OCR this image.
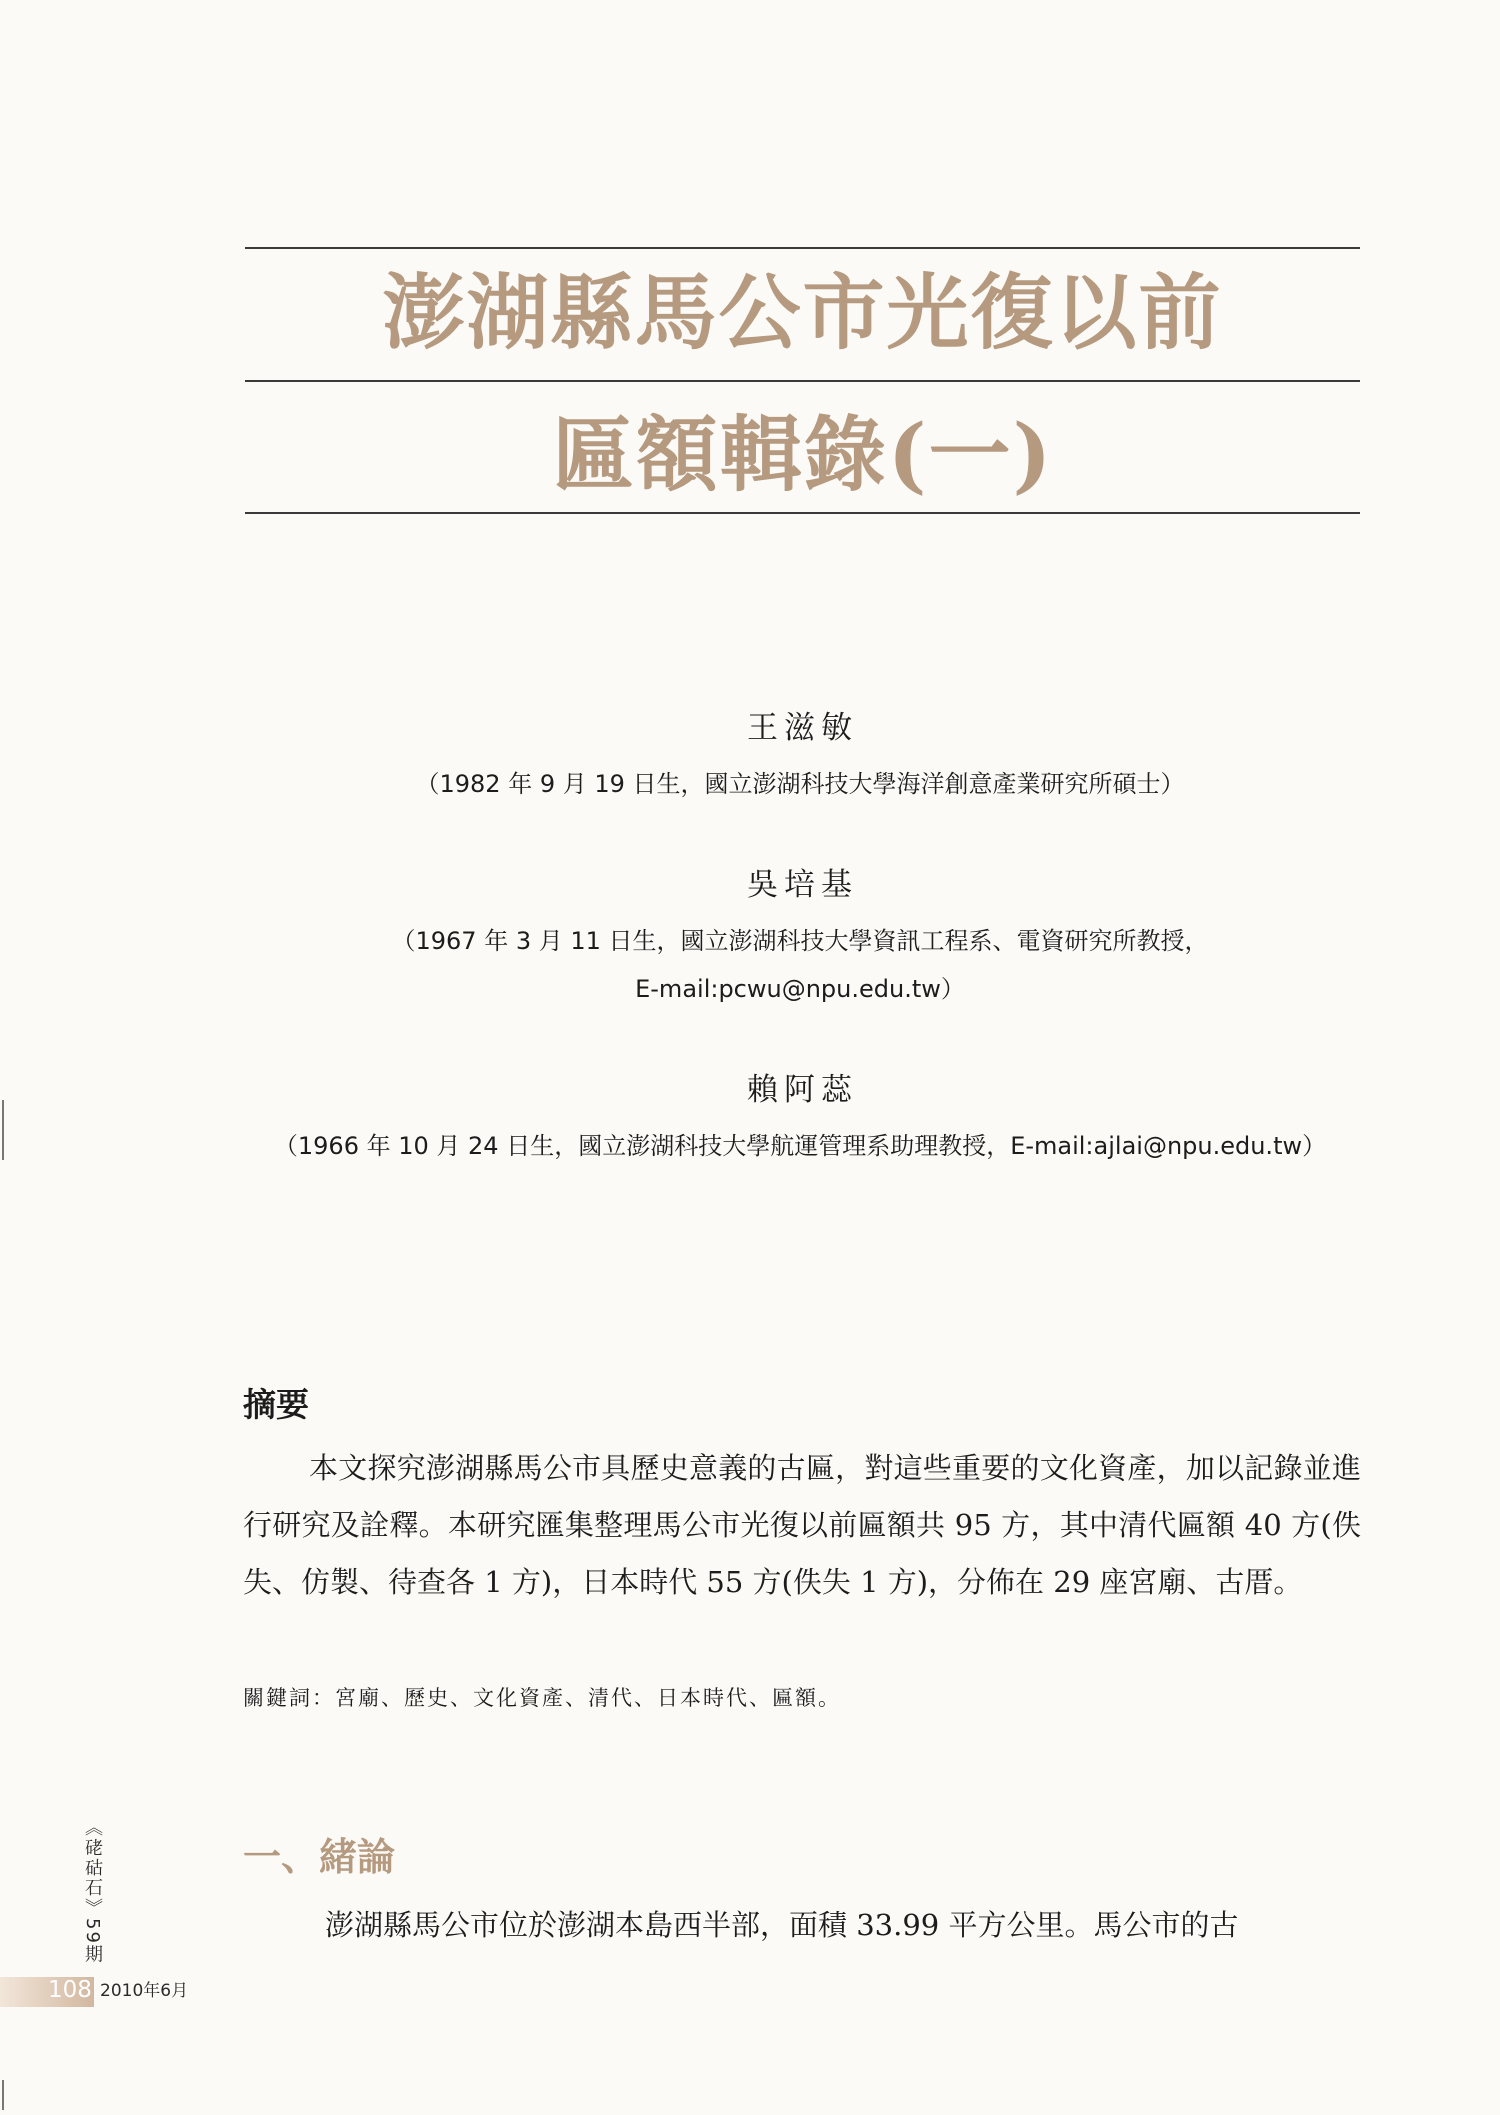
澎湖縣馬公市光復以前
匾額輯錄(一)
王滋敏
（1982 年 9 月 19 日生，國立澎湖科技大學海洋創意產業研究所碩士）
吳培基
（1967 年 3 月 11 日生，國立澎湖科技大學資訊工程系、電資研究所教授，
E-mail:pcwu@npu.edu.tw）
賴阿蕊
（1966 年 10 月 24 日生，國立澎湖科技大學航運管理系助理教授，E-mail:ajlai@npu.edu.tw）
摘要

本文探究澎湖縣馬公市具歷史意義的古匾，對這些重要的文化資產，加以記錄並進行研究及詮釋。本研究匯集整理馬公市光復以前匾額共 95 方，其中清代匾額 40 方(佚失、仿製、待查各 1 方)，日本時代 55 方(佚失 1 方)，分佈在 29 座宮廟、古厝。

關鍵詞：宮廟、歷史、文化資產、清代、日本時代、匾額。
一、緒論

澎湖縣馬公市位於澎湖本島西半部，面積 33.99 平方公里。馬公市的古

《硓𥑮石》59期
108 2010年6月
